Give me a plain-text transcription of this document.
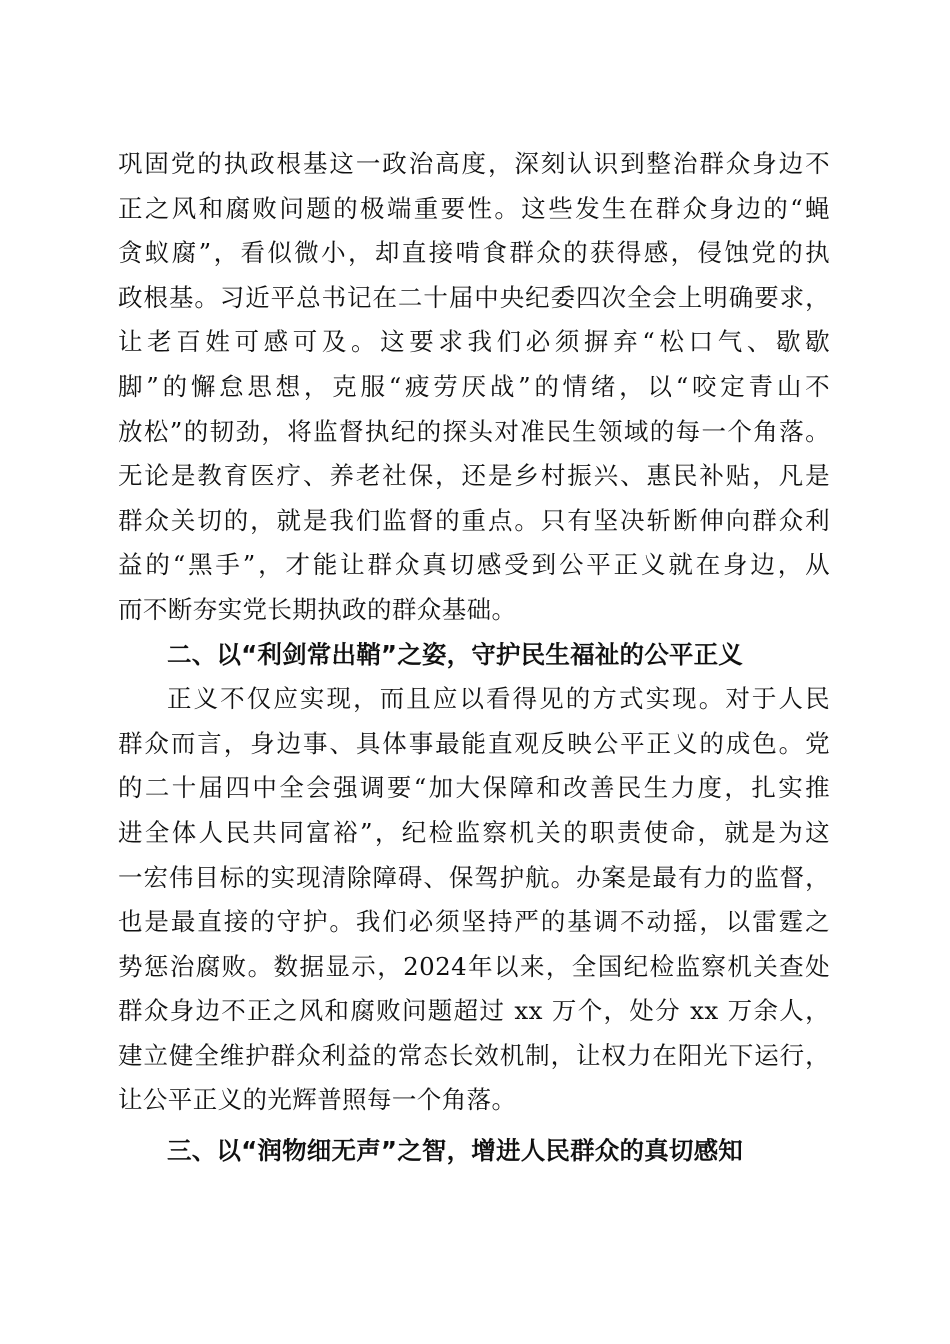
巩固党的执政根基这一政治高度，深刻认识到整治群众身边不
正之风和腐败问题的极端重要性。这些发生在群众身边的“蝇
贪蚁腐”，看似微小，却直接啃食群众的获得感，侵蚀党的执
政根基。习近平总书记在二十届中央纪委四次全会上明确要求，
让老百姓可感可及。这要求我们必须摒弃“松口气、歇歇
脚”的懈怠思想，克服“疲劳厌战”的情绪，以“咬定青山不
放松”的韧劲，将监督执纪的探头对准民生领域的每一个角落。
无论是教育医疗、养老社保，还是乡村振兴、惠民补贴，凡是
群众关切的，就是我们监督的重点。只有坚决斩断伸向群众利
益的“黑手”，才能让群众真切感受到公平正义就在身边，从
而不断夯实党长期执政的群众基础。
二、以“利剑常出鞘”之姿，守护民生福祉的公平正义
正义不仅应实现，而且应以看得见的方式实现。对于人民
群众而言，身边事、具体事最能直观反映公平正义的成色。党
的二十届四中全会强调要“加大保障和改善民生力度，扎实推
进全体人民共同富裕”，纪检监察机关的职责使命，就是为这
一宏伟目标的实现清除障碍、保驾护航。办案是最有力的监督，
也是最直接的守护。我们必须坚持严的基调不动摇，以雷霆之
势惩治腐败。数据显示，2024年以来，全国纪检监察机关查处
群众身边不正之风和腐败问题超过 xx 万个，处分 xx 万余人，
建立健全维护群众利益的常态长效机制，让权力在阳光下运行，
让公平正义的光辉普照每一个角落。
三、以“润物细无声”之智，增进人民群众的真切感知
